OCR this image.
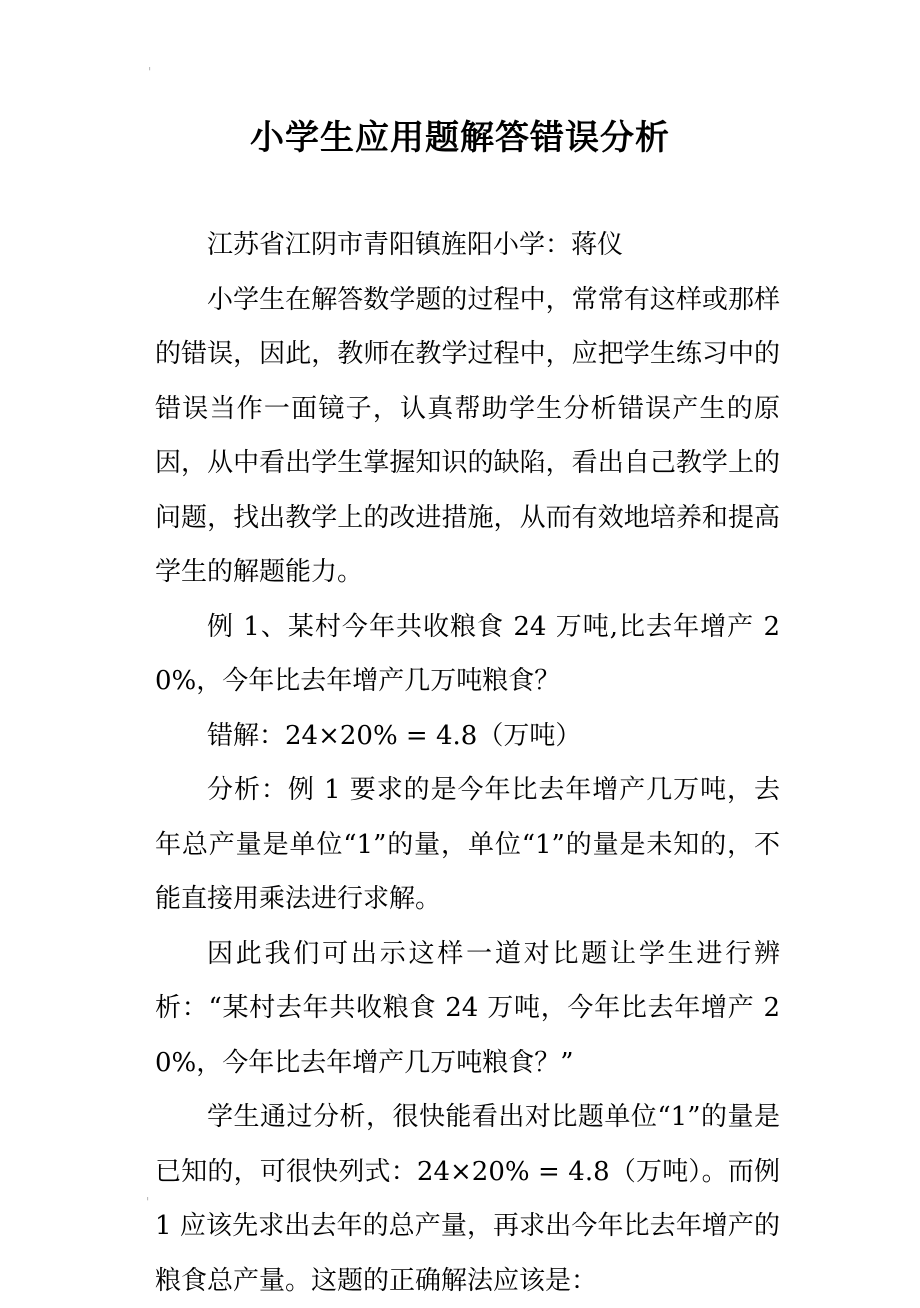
'
'
小学生应用题解答错误分析

江苏省江阴市青阳镇旌阳小学：蒋仪

小学生在解答数学题的过程中，常常有这样或那样的错误，因此，教师在教学过程中，应把学生练习中的错误当作一面镜子，认真帮助学生分析错误产生的原因，从中看出学生掌握知识的缺陷，看出自己教学上的问题，找出教学上的改进措施，从而有效地培养和提高学生的解题能力。

例 1、某村今年共收粮食 24 万吨,比去年增产 20%，今年比去年增产几万吨粮食？

错解：24×20% = 4.8（万吨）

分析：例 1 要求的是今年比去年增产几万吨，去年总产量是单位“1”的量，单位“1”的量是未知的，不能直接用乘法进行求解。

因此我们可出示这样一道对比题让学生进行辨析：“某村去年共收粮食 24 万吨，今年比去年增产 20%，今年比去年增产几万吨粮食？”

学生通过分析，很快能看出对比题单位“1”的量是已知的，可很快列式：24×20% = 4.8（万吨）。而例 1 应该先求出去年的总产量，再求出今年比去年增产的粮食总产量。这题的正确解法应该是：
